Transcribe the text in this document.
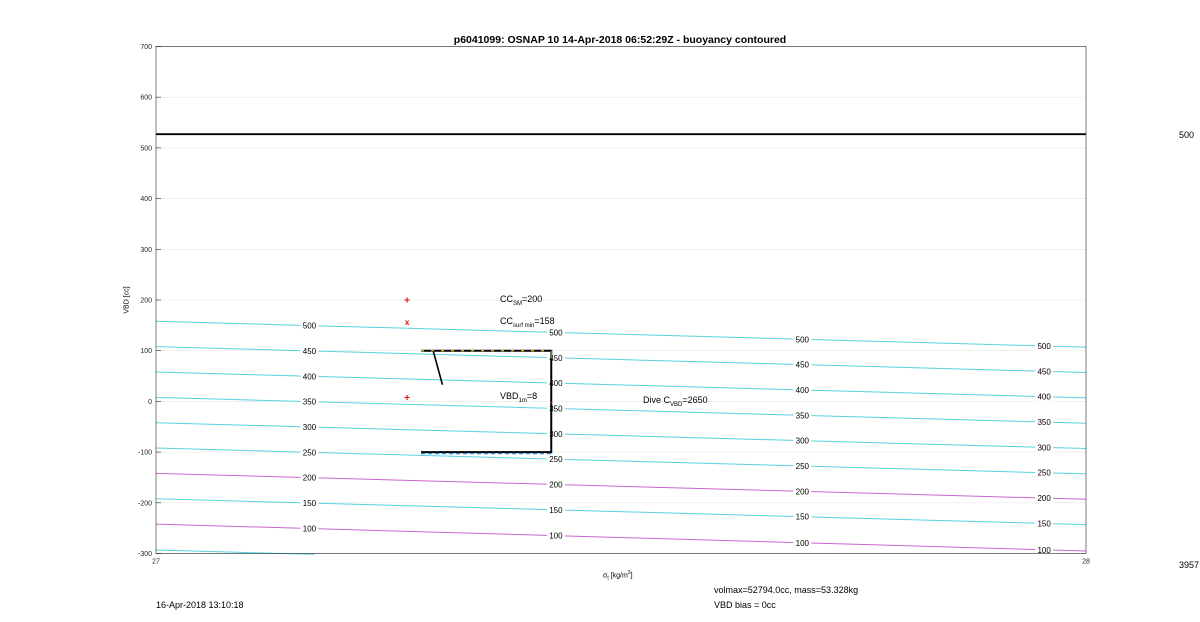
100
100
100
100
150
150
150
150
200
200
200
200
250
250
250
250
300
300
300
300
350
350
350
350
400
400
400
400
450
450
450
450
500
500
500
500
+
x
+	-
-300
-200
-100
0
100
200
300
400
500
600
700
27	28
p6041099: OSNAP 10 14-Apr-2018 06:52:29Z - buoyancy contoured
VBD [cc]
$\sigma_t$ $[kg/m^3]$
500
3957
$CC_{SM}=200$
$CC_{surf min}=158$
$VBD_{1m}=8$	Dive $C_{VBD}=2650$
16-Apr-2018 13:10:18
volmax=52794.0cc, mass=53.328kg
VBD bias = 0cc
